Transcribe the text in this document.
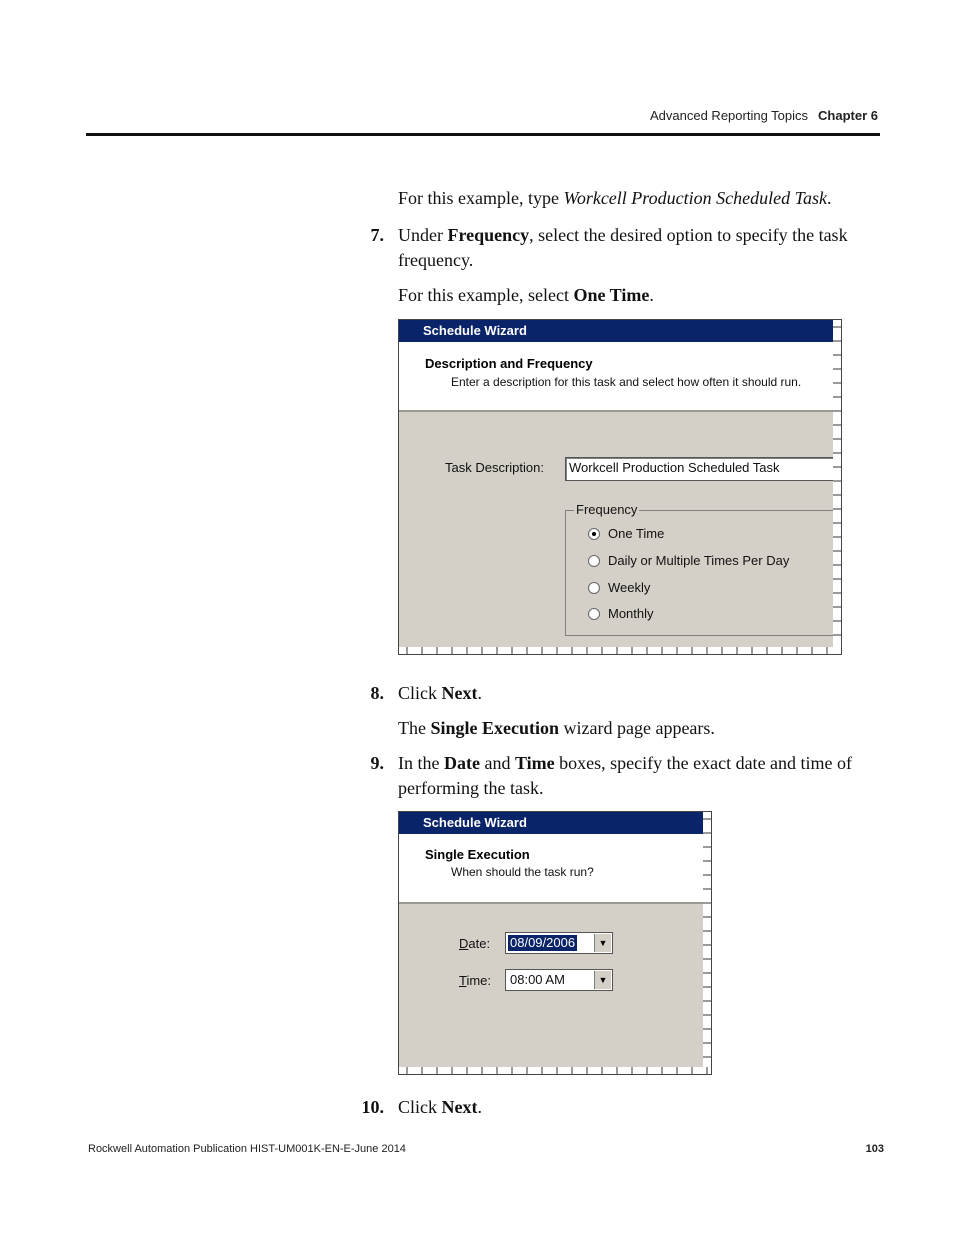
Advanced Reporting Topics Chapter 6
For this example, type Workcell Production Scheduled Task.
7. Under Frequency, select the desired option to specify the task frequency.
For this example, select One Time.
Schedule Wizard
Description and Frequency
Enter a description for this task and select how often it should run.
Task Description:	Workcell Production Scheduled Task
Frequency
One Time
Daily or Multiple Times Per Day
Weekly
Monthly
8. Click Next.
The Single Execution wizard page appears.
9. In the Date and Time boxes, specify the exact date and time of performing the task.
Schedule Wizard
Single Execution
When should the task run?
Date: 08/09/2006	▼
Time: 08:00 AM	▼
10. Click Next.
Rockwell Automation Publication HIST-UM001K-EN-E-June 2014	103
